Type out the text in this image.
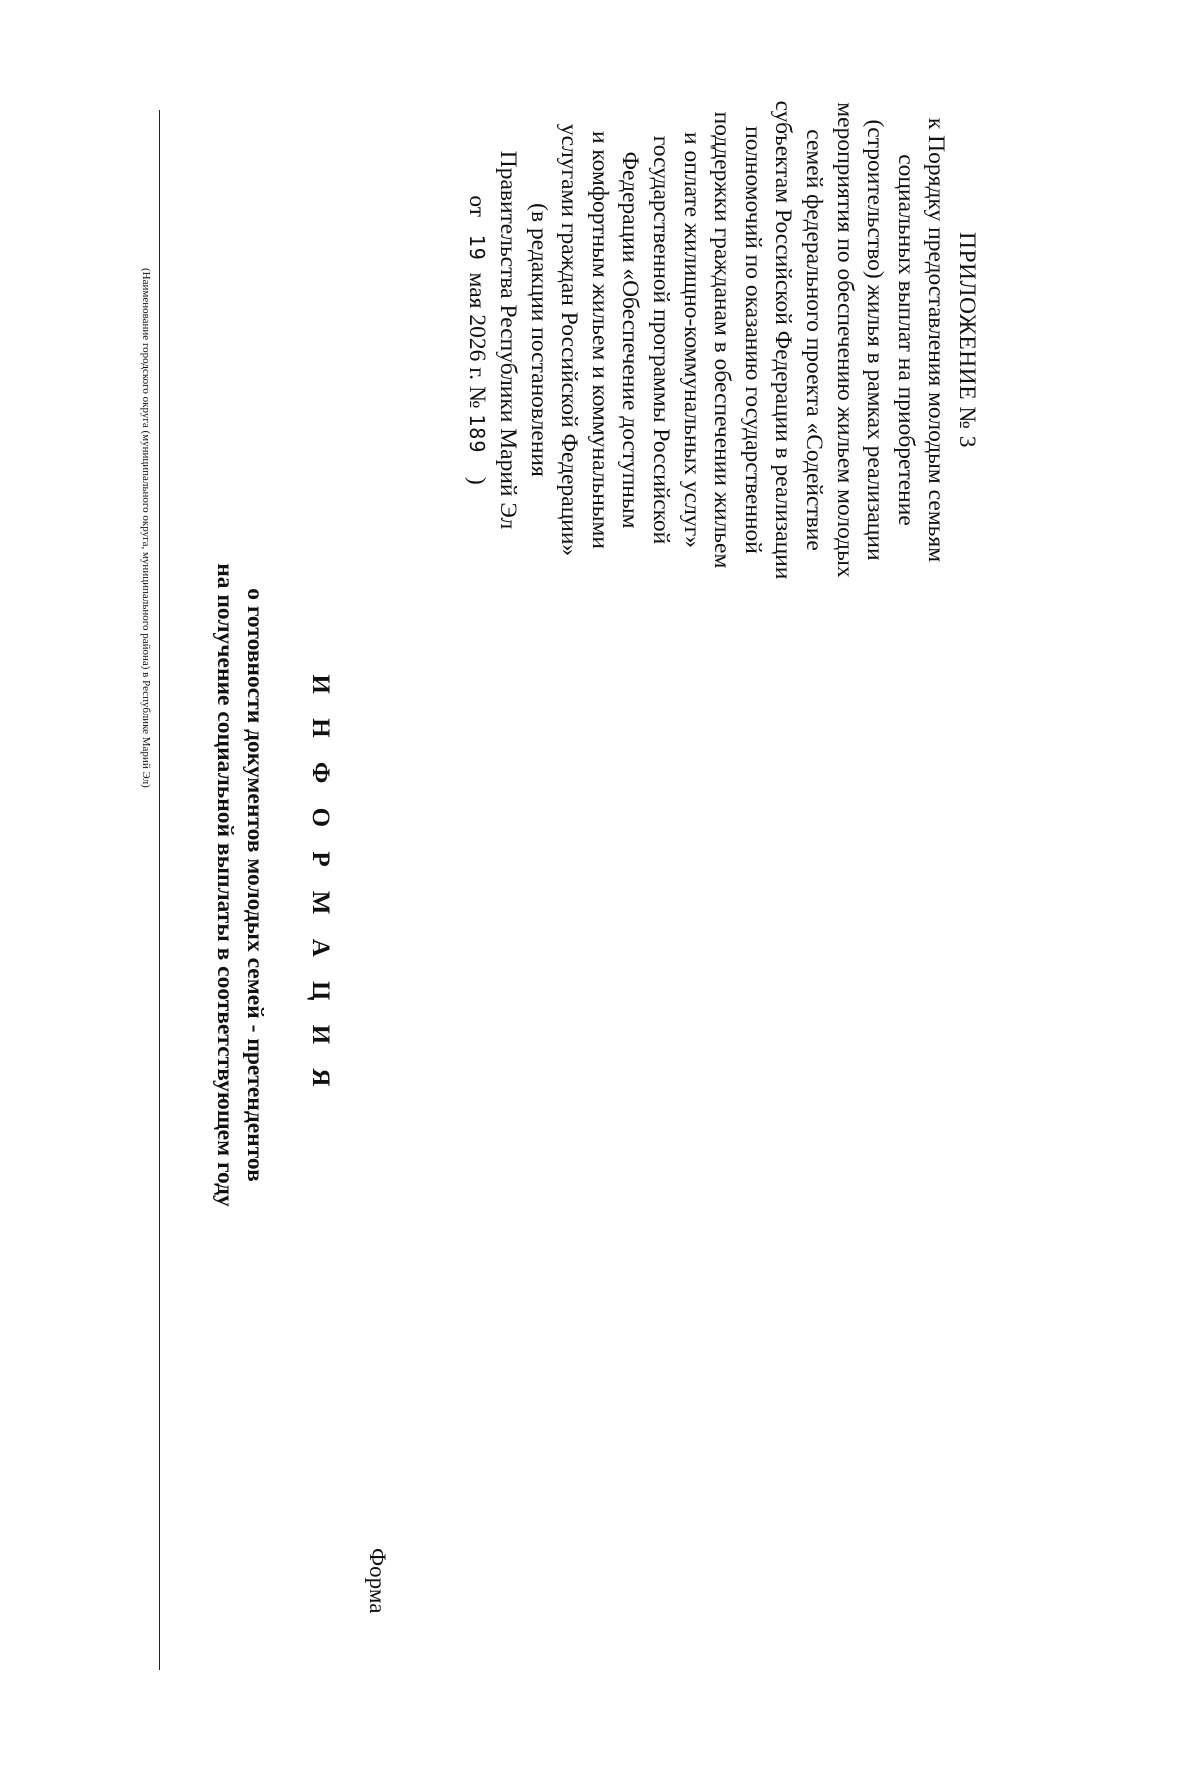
ПРИЛОЖЕНИЕ № 3
к Порядку предоставления молодым семьям
социальных выплат на приобретение
(строительство) жилья в рамках реализации
мероприятия по обеспечению жильем молодых
семей федерального проекта «Содействие
субъектам Российской Федерации в реализации
полномочий по оказанию государственной
поддержки гражданам в обеспечении жильем
и оплате жилищно-коммунальных услуг»
государственной программы Российской
Федерации «Обеспечение доступным
и комфортным жильем и коммунальными
услугами граждан Российской Федерации»
(в редакции постановления
Правительства Республики Марий Эл
от   19  мая 2026 г. № 189    )
Форма
И Н Ф О Р М А Ц И Я
о готовности документов молодых семей - претендентов
на получение социальной выплаты в соответствующем году
(Наименование городского округа (муниципального округа, муниципального района) в Республике Марий Эл)
